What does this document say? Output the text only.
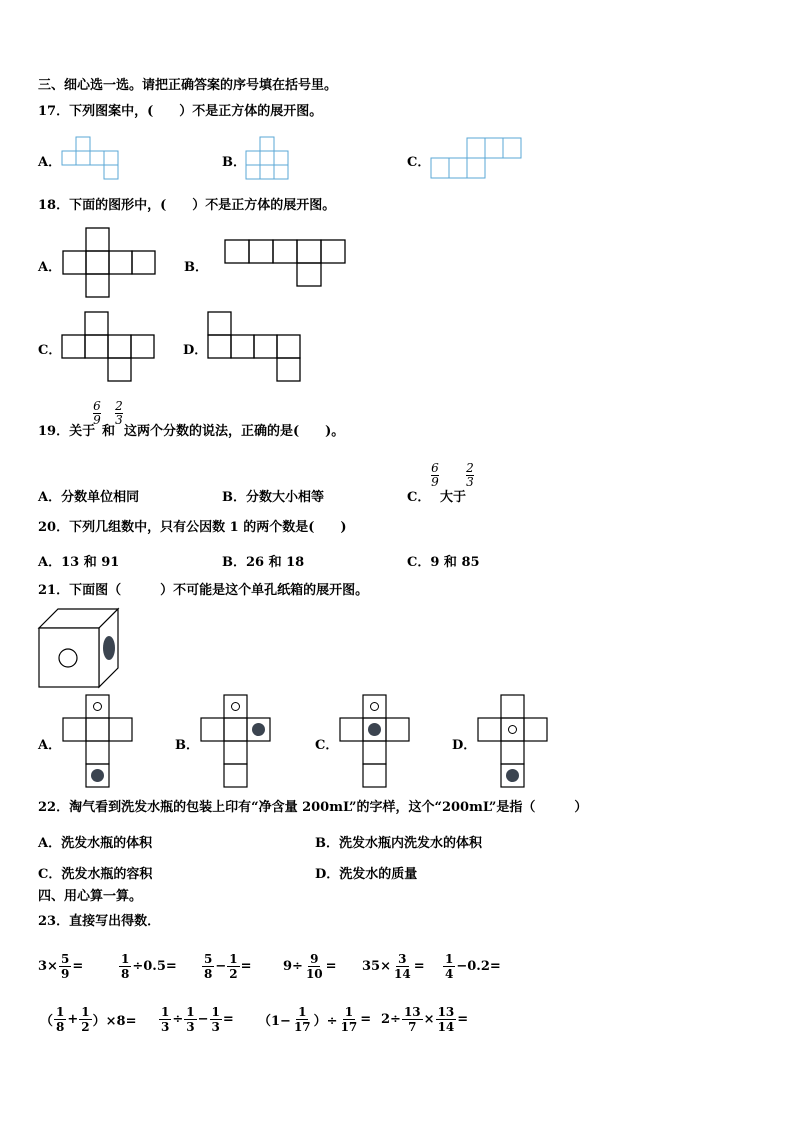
三、细心选一选。请把正确答案的序号填在括号里。
17．下列图案中，(　　）不是正方体的展开图。
A．	B．	C．
18．下面的图形中，(　　）不是正方体的展开图。
A．	B．
C．	D．
19．关于
6
9
和
2
3
这两个分数的说法，正确的是(　　)。
A．分数单位相同	B．分数大小相等	C．
6
9
大于
2
3
20．下列几组数中，只有公因数 1 的两个数是(　　)
A．13 和 91	B．26 和 18	C．9 和 85
21．下面图（　　　）不可能是这个单孔纸箱的展开图。
A．	B．	C．	D．
22．淘气看到洗发水瓶的包装上印有“净含量 200mL”的字样，这个“200mL”是指（　　　）
A．洗发水瓶的体积	B．洗发水瓶内洗发水的体积
C．洗发水瓶的容积	D．洗发水的质量
四、用心算一算。
23．直接写出得数．
$3\times \frac{5}{9}$ =	$\frac{1}{8} \div 0.5= \frac{5}{8} - \frac{1}{2} = 9\div \frac{9}{10} = 35\times \frac{3}{14} = \frac{1}{4} -0.2=$
（ $\frac{1}{8} + \frac{1}{2} )\times 8= \frac{1}{3} \div \frac{1}{3} - \frac{1}{3} = (1- \frac{1}{17}$ ）÷ $\frac{1}{17} = 2\div \frac{13}{7} \times \frac{13}{14}$ =
